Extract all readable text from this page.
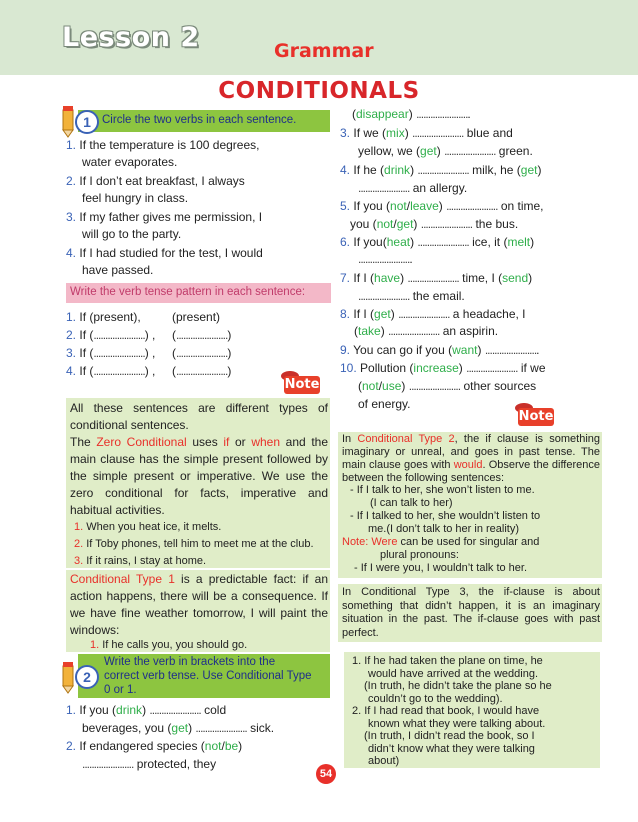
Lesson 2	Grammar
CONDITIONALS
Circle the two verbs in each sentence.
1
1. If the temperature is 100 degrees,
water evaporates.
2. If I don’t eat breakfast, I always
feel hungry in class.
3. If my father gives me permission, I
will go to the party.
4. If I had studied for the test, I would
have passed.
Write the verb tense pattern in each sentence:
1. If (present),	(present)
2. If (......................) , (......................)
3. If (......................) , (......................)
4. If (......................) , (......................)
Note
All these sentences are different types of conditional sentences.
The Zero Conditional uses if or when and the main clause has the simple present followed by the simple present or imperative. We use the zero conditional for facts, imperative and habitual activities.
1. When you heat ice, it melts.
2. If Toby phones, tell him to meet me at the club.
3. If it rains, I stay at home.
Conditional Type 1 is a predictable fact: if an action happens, there will be a consequence. If we have fine weather tomorrow, I will paint the windows:
1. If he calls you, you should go.
Write the verb in brackets into the
correct verb tense. Use Conditional Type
0 or 1.
2
1. If you (drink) ...................... cold
beverages, you (get) ...................... sick.
2. If endangered species (not/be)
...................... protected, they
(disappear) .......................
3. If we (mix) ...................... blue and
yellow, we (get) ...................... green.
4. If he (drink) ...................... milk, he (get)
...................... an allergy.
5. If you (not/leave) ...................... on time,
you (not/get) ...................... the bus.
6. If you(heat) ...................... ice, it (melt)
.......................
7. If I (have) ...................... time, I (send)
...................... the email.
8. If I (get) ...................... a headache, I
(take) ...................... an aspirin.
9. You can go if you (want) .......................
10. Pollution (increase) ...................... if we
(not/use) ...................... other sources
of energy.
Note
In Conditional Type 2, the if clause is something imaginary or unreal, and goes in past tense. The main clause goes with would. Observe the difference between the following sentences:
- If I talk to her, she won’t listen to me.
(I can talk to her)
- If I talked to her, she wouldn’t listen to
me.(I don’t talk to her in reality)
Note: Were can be used for singular and
plural pronouns:
- If I were you, I wouldn’t talk to her.
In Conditional Type 3, the if-clause is about something that didn’t happen, it is an imaginary situation in the past. The if-clause goes with past perfect.
1. If he had taken the plane on time, he
would have arrived at the wedding.
(In truth, he didn’t take the plane so he
couldn’t go to the wedding).
2. If I had read that book, I would have
known what they were talking about.
(In truth, I didn’t read the book, so I
didn’t know what they were talking
about)
54
